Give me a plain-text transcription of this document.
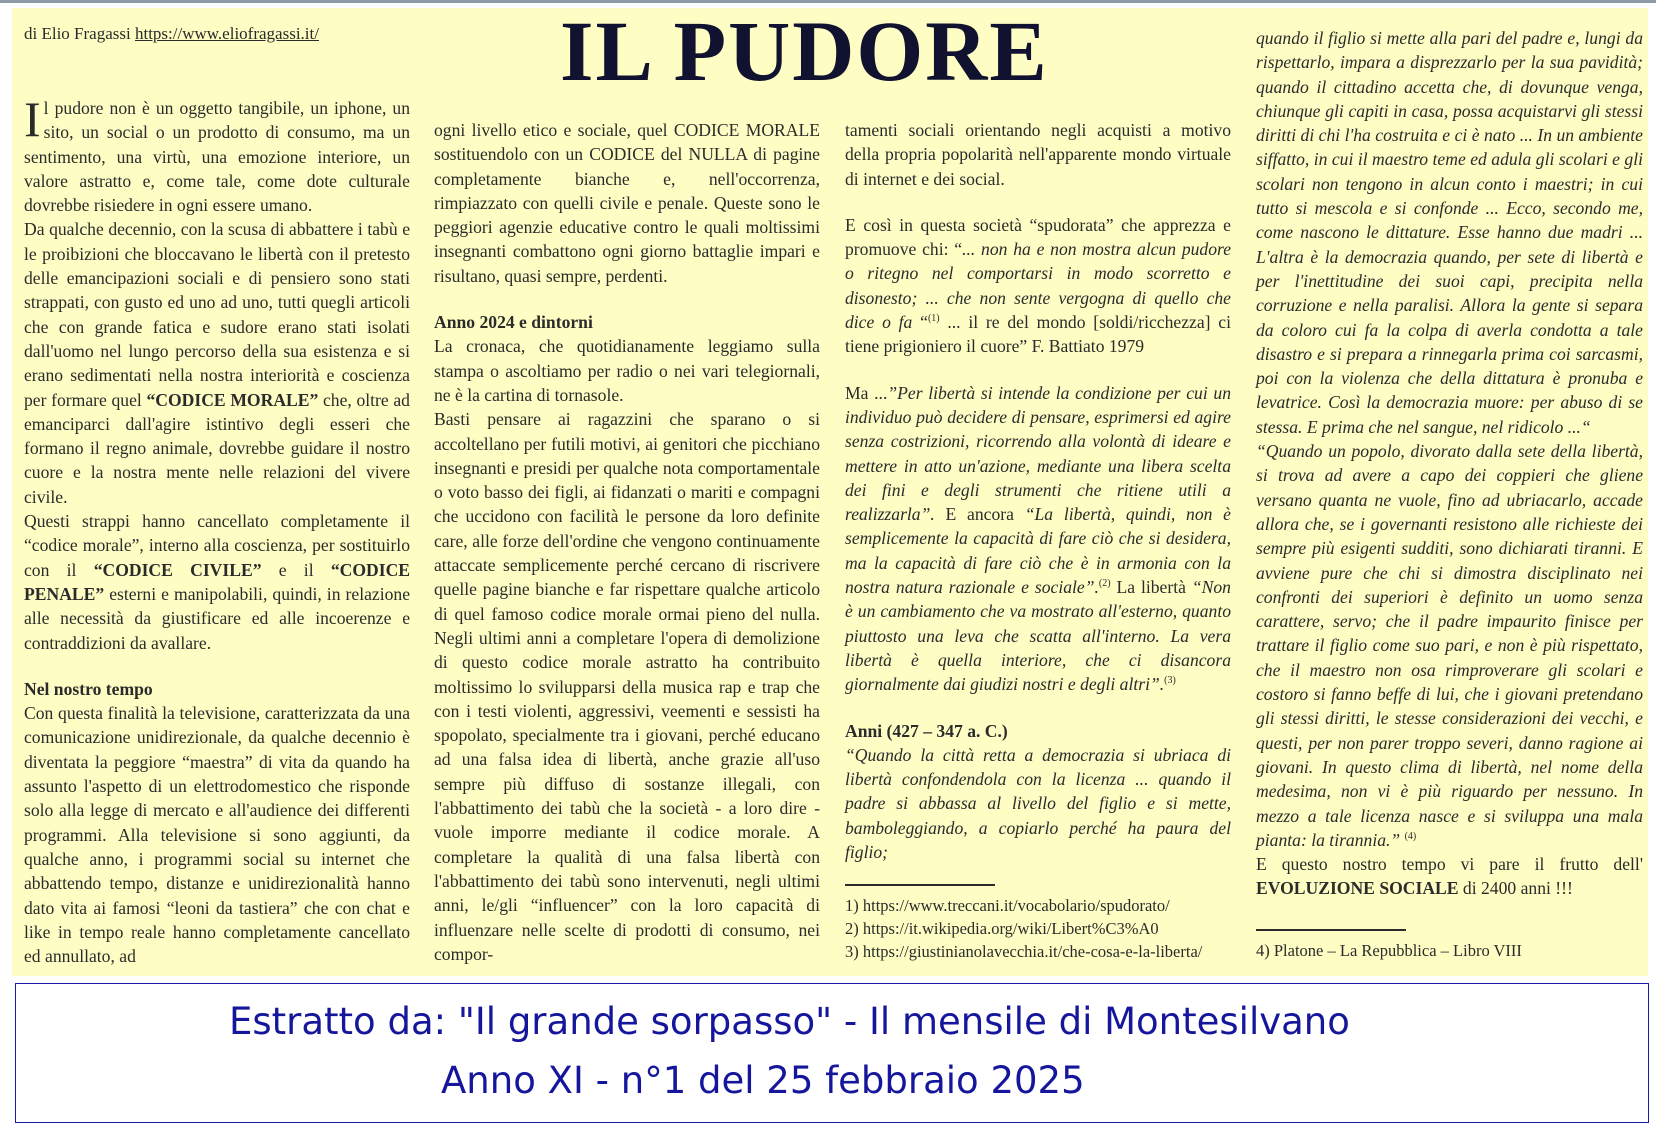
di Elio Fragassi https://www.eliofragassi.it/	IL PUDORE

Il pudore non è un oggetto tangibile, un iphone, un sito, un social o un prodotto di consumo, ma un sentimento, una virtù, una emozione interiore, un valore astratto e, come tale, come dote culturale dovrebbe risiedere in ogni essere umano.

Da qualche decennio, con la scusa di abbattere i tabù e le proibizioni che bloccavano le libertà con il pretesto delle emancipazioni sociali e di pensiero sono stati strappati, con gusto ed uno ad uno, tutti quegli articoli che con grande fatica e sudore erano stati isolati dall'uomo nel lungo percorso della sua esistenza e si erano sedimentati nella nostra interiorità e coscienza per formare quel “CODICE MORALE” che, oltre ad emanciparci dall'agire istintivo degli esseri che formano il regno animale, dovrebbe guidare il nostro cuore e la nostra mente nelle relazioni del vivere civile.

Questi strappi hanno cancellato completamente il “codice morale”, interno alla coscienza, per sostituirlo con il “CODICE CIVILE” e il “CODICE PENALE” esterni e manipolabili, quindi, in relazione alle necessità da giustificare ed alle incoerenze e contraddizioni da avallare.

Nel nostro tempo

Con questa finalità la televisione, caratterizzata da una comunicazione unidirezionale, da qualche decennio è diventata la peggiore “maestra” di vita da quando ha assunto l'aspetto di un elettrodomestico che risponde solo alla legge di mercato e all'audience dei differenti programmi. Alla televisione si sono aggiunti, da qualche anno, i programmi social su internet che abbattendo tempo, distanze e unidirezionalità hanno dato vita ai famosi “leoni da tastiera” che con chat e like in tempo reale hanno completamente cancellato ed annullato, ad

ogni livello etico e sociale, quel CODICE MORALE sostituendolo con un CODICE del NULLA di pagine completamente bianche e, nell'occorrenza, rimpiazzato con quelli civile e penale. Queste sono le peggiori agenzie educative contro le quali moltissimi insegnanti combattono ogni giorno battaglie impari e risultano, quasi sempre, perdenti.

Anno 2024 e dintorni

La cronaca, che quotidianamente leggiamo sulla stampa o ascoltiamo per radio o nei vari telegiornali, ne è la cartina di tornasole.

Basti pensare ai ragazzini che sparano o si accoltellano per futili motivi, ai genitori che picchiano insegnanti e presidi per qualche nota comportamentale o voto basso dei figli, ai fidanzati o mariti e compagni che uccidono con facilità le persone da loro definite care, alle forze dell'ordine che vengono continuamente attaccate semplicemente perché cercano di riscrivere quelle pagine bianche e far rispettare qualche articolo di quel famoso codice morale ormai pieno del nulla. Negli ultimi anni a completare l'opera di demolizione di questo codice morale astratto ha contribuito moltissimo lo svilupparsi della musica rap e trap che con i testi violenti, aggressivi, veementi e sessisti ha spopolato, specialmente tra i giovani, perché educano ad una falsa idea di libertà, anche grazie all'uso sempre più diffuso di sostanze illegali, con l'abbattimento dei tabù che la società - a loro dire - vuole imporre mediante il codice morale. A completare la qualità di una falsa libertà con l'abbattimento dei tabù sono intervenuti, negli ultimi anni, le/gli “influencer” con la loro capacità di influenzare nelle scelte di prodotti di consumo, nei compor-

tamenti sociali orientando negli acquisti a motivo della propria popolarità nell'apparente mondo virtuale di internet e dei social.

E così in questa società “spudorata” che apprezza e promuove chi: “... non ha e non mostra alcun pudore o ritegno nel comportarsi in modo scorretto e disonesto; ... che non sente vergogna di quello che dice o fa “$^{(1)}$ ... il re del mondo [soldi/ricchezza] ci tiene prigioniero il cuore” F. Battiato 1979

Ma ...”Per libertà si intende la condizione per cui un individuo può decidere di pensare, esprimersi ed agire senza costrizioni, ricorrendo alla volontà di ideare e mettere in atto un'azione, mediante una libera scelta dei fini e degli strumenti che ritiene utili a realizzarla”. E ancora “La libertà, quindi, non è semplicemente la capacità di fare ciò che si desidera, ma la capacità di fare ciò che è in armonia con la nostra natura razionale e sociale”.$^{(2)}$ La libertà “Non è un cambiamento che va mostrato all'esterno, quanto piuttosto una leva che scatta all'interno. La vera libertà è quella interiore, che ci disancora giornalmente dai giudizi nostri e degli altri”.$^{(3)}$

Anni (427 – 347 a. C.)

“Quando la città retta a democrazia si ubriaca di libertà confondendola con la licenza ... quando il padre si abbassa al livello del figlio e si mette, bamboleggiando, a copiarlo perché ha paura del figlio;

1) https://www.treccani.it/vocabolario/spudorato/

2) https://it.wikipedia.org/wiki/Libert%C3%A0

3) https://giustinianolavecchia.it/che-cosa-e-la-liberta/

quando il figlio si mette alla pari del padre e, lungi da rispettarlo, impara a disprezzarlo per la sua pavidità; quando il cittadino accetta che, di dovunque venga, chiunque gli capiti in casa, possa acquistarvi gli stessi diritti di chi l'ha costruita e ci è nato ... In un ambiente siffatto, in cui il maestro teme ed adula gli scolari e gli scolari non tengono in alcun conto i maestri; in cui tutto si mescola e si confonde ... Ecco, secondo me, come nascono le dittature. Esse hanno due madri ... L'altra è la democrazia quando, per sete di libertà e per l'inettitudine dei suoi capi, precipita nella corruzione e nella paralisi. Allora la gente si separa da coloro cui fa la colpa di averla condotta a tale disastro e si prepara a rinnegarla prima coi sarcasmi, poi con la violenza che della dittatura è pronuba e levatrice. Così la democrazia muore: per abuso di se stessa. E prima che nel sangue, nel ridicolo ...“

“Quando un popolo, divorato dalla sete della libertà, si trova ad avere a capo dei coppieri che gliene versano quanta ne vuole, fino ad ubriacarlo, accade allora che, se i governanti resistono alle richieste dei sempre più esigenti sudditi, sono dichiarati tiranni. E avviene pure che chi si dimostra disciplinato nei confronti dei superiori è definito un uomo senza carattere, servo; che il padre impaurito finisce per trattare il figlio come suo pari, e non è più rispettato, che il maestro non osa rimproverare gli scolari e costoro si fanno beffe di lui, che i giovani pretendano gli stessi diritti, le stesse considerazioni dei vecchi, e questi, per non parer troppo severi, danno ragione ai giovani. In questo clima di libertà, nel nome della medesima, non vi è più riguardo per nessuno. In mezzo a tale licenza nasce e si sviluppa una mala pianta: la tirannia.” $^{(4)}$

E questo nostro tempo vi pare il frutto dell' EVOLUZIONE SOCIALE di 2400 anni !!!

4) Platone – La Repubblica – Libro VIII

Estratto da: "Il grande sorpasso" - Il mensile di Montesilvano
Anno XI - n°1 del 25 febbraio 2025
